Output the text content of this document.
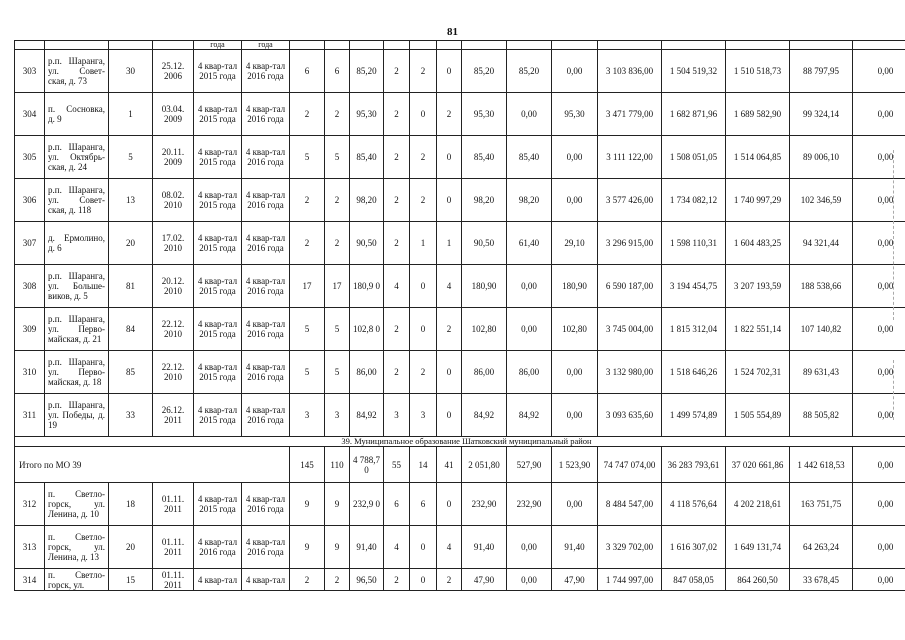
81
				года	года														
303	р.п. Шаранга, ул. Совет-ская, д. 73	30	25.12. 2006	4 квар-тал 2015 года	4 квар-тал 2016 года	6	6	85,20	2	2	0	85,20	85,20	0,00	3 103 836,00	1 504 519,32	1 510 518,73	88 797,95	0,00
304	п. Сосновка, д. 9	1	03.04. 2009	4 квар-тал 2015 года	4 квар-тал 2016 года	2	2	95,30	2	0	2	95,30	0,00	95,30	3 471 779,00	1 682 871,96	1 689 582,90	99 324,14	0,00
305	р.п. Шаранга, ул. Октябрь-ская, д. 24	5	20.11. 2009	4 квар-тал 2015 года	4 квар-тал 2016 года	5	5	85,40	2	2	0	85,40	85,40	0,00	3 111 122,00	1 508 051,05	1 514 064,85	89 006,10	0,00
306	р.п. Шаранга, ул. Совет-ская, д. 118	13	08.02. 2010	4 квар-тал 2015 года	4 квар-тал 2016 года	2	2	98,20	2	2	0	98,20	98,20	0,00	3 577 426,00	1 734 082,12	1 740 997,29	102 346,59	0,00
307	д. Ермолино, д. 6	20	17.02. 2010	4 квар-тал 2015 года	4 квар-тал 2016 года	2	2	90,50	2	1	1	90,50	61,40	29,10	3 296 915,00	1 598 110,31	1 604 483,25	94 321,44	0,00
308	р.п. Шаранга, ул. Больше-виков, д. 5	81	20.12. 2010	4 квар-тал 2015 года	4 квар-тал 2016 года	17	17	180,9 0	4	0	4	180,90	0,00	180,90	6 590 187,00	3 194 454,75	3 207 193,59	188 538,66	0,00
309	р.п. Шаранга, ул. Перво-майская, д. 21	84	22.12. 2010	4 квар-тал 2015 года	4 квар-тал 2016 года	5	5	102,8 0	2	0	2	102,80	0,00	102,80	3 745 004,00	1 815 312,04	1 822 551,14	107 140,82	0,00
310	р.п. Шаранга, ул. Перво-майская, д. 18	85	22.12. 2010	4 квар-тал 2015 года	4 квар-тал 2016 года	5	5	86,00	2	2	0	86,00	86,00	0,00	3 132 980,00	1 518 646,26	1 524 702,31	89 631,43	0,00
311	р.п. Шаранга, ул. Победы, д. 19	33	26.12. 2011	4 квар-тал 2015 года	4 квар-тал 2016 года	3	3	84,92	3	3	0	84,92	84,92	0,00	3 093 635,60	1 499 574,89	1 505 554,89	88 505,82	0,00
39. Муниципальное образование Шатковский муниципальный район																			
Итого по МО 39						145	110	4 788,7 0	55	14	41	2 051,80	527,90	1 523,90	74 747 074,00	36 283 793,61	37 020 661,86	1 442 618,53	0,00
312	п. Светло-горск, ул. Ленина, д. 10	18	01.11. 2011	4 квар-тал 2015 года	4 квар-тал 2016 года	9	9	232,9 0	6	6	0	232,90	232,90	0,00	8 484 547,00	4 118 576,64	4 202 218,61	163 751,75	0,00
313	п. Светло-горск, ул. Ленина, д. 13	20	01.11. 2011	4 квар-тал 2016 года	4 квар-тал 2016 года	9	9	91,40	4	0	4	91,40	0,00	91,40	3 329 702,00	1 616 307,02	1 649 131,74	64 263,24	0,00
314	п. Светло-горск, ул.	15	01.11. 2011	4 квар-тал	4 квар-тал	2	2	96,50	2	0	2	47,90	0,00	47,90	1 744 997,00	847 058,05	864 260,50	33 678,45	0,00
